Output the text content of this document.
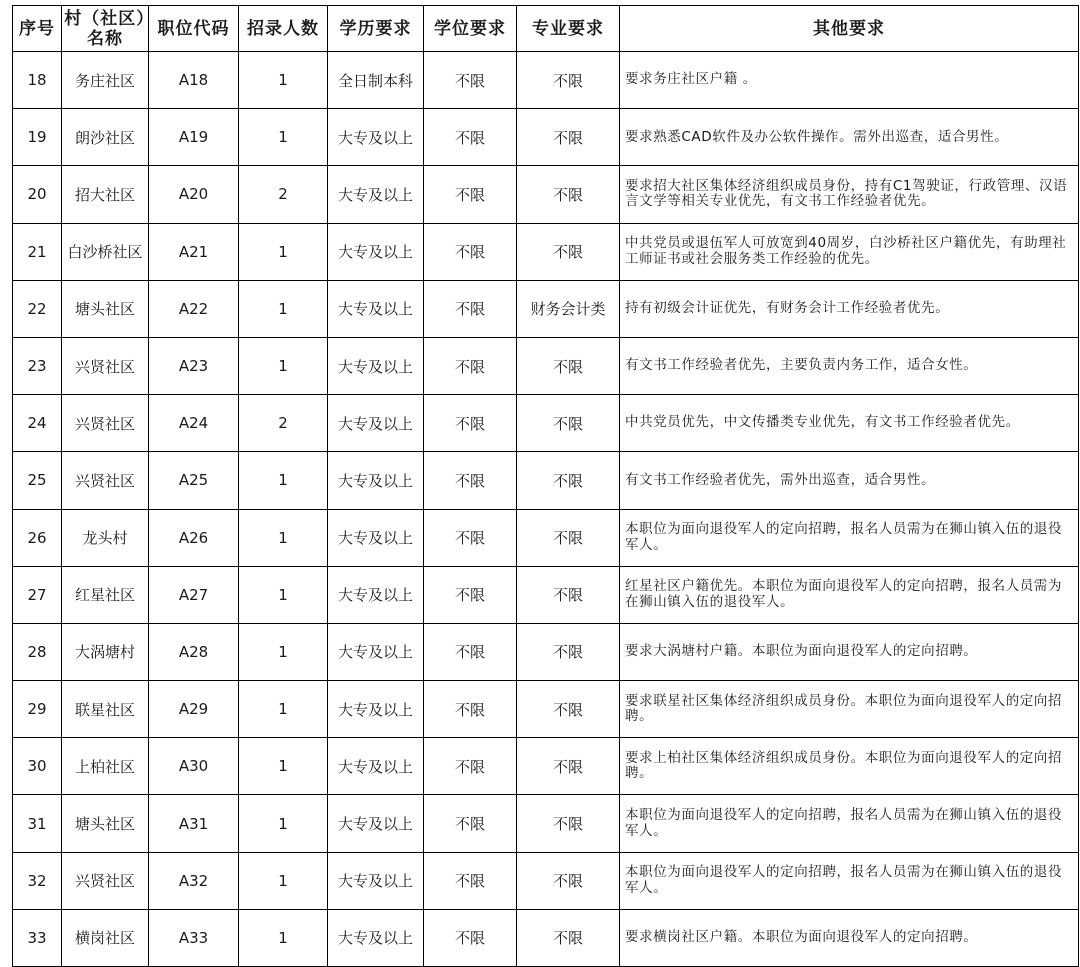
序号	村（社区）名称	职位代码	招录人数	学历要求	学位要求	专业要求	其他要求
18	务庄社区	A18	1	全日制本科	不限	不限	要求务庄社区户籍 。
19	朗沙社区	A19	1	大专及以上	不限	不限	要求熟悉CAD软件及办公软件操作。需外出巡查，适合男性。
20	招大社区	A20	2	大专及以上	不限	不限	要求招大社区集体经济组织成员身份，持有C1驾驶证，行政管理、汉语言文学等相关专业优先，有文书工作经验者优先。
21	白沙桥社区	A21	1	大专及以上	不限	不限	中共党员或退伍军人可放宽到40周岁，白沙桥社区户籍优先，有助理社工师证书或社会服务类工作经验的优先。
22	塘头社区	A22	1	大专及以上	不限	财务会计类	持有初级会计证优先，有财务会计工作经验者优先。
23	兴贤社区	A23	1	大专及以上	不限	不限	有文书工作经验者优先，主要负责内务工作，适合女性。
24	兴贤社区	A24	2	大专及以上	不限	不限	中共党员优先，中文传播类专业优先，有文书工作经验者优先。
25	兴贤社区	A25	1	大专及以上	不限	不限	有文书工作经验者优先，需外出巡查，适合男性。
26	龙头村	A26	1	大专及以上	不限	不限	本职位为面向退役军人的定向招聘，报名人员需为在狮山镇入伍的退役军人。
27	红星社区	A27	1	大专及以上	不限	不限	红星社区户籍优先。本职位为面向退役军人的定向招聘，报名人员需为在狮山镇入伍的退役军人。
28	大涡塘村	A28	1	大专及以上	不限	不限	要求大涡塘村户籍。本职位为面向退役军人的定向招聘。
29	联星社区	A29	1	大专及以上	不限	不限	要求联星社区集体经济组织成员身份。本职位为面向退役军人的定向招聘。
30	上柏社区	A30	1	大专及以上	不限	不限	要求上柏社区集体经济组织成员身份。本职位为面向退役军人的定向招聘。
31	塘头社区	A31	1	大专及以上	不限	不限	本职位为面向退役军人的定向招聘，报名人员需为在狮山镇入伍的退役军人。
32	兴贤社区	A32	1	大专及以上	不限	不限	本职位为面向退役军人的定向招聘，报名人员需为在狮山镇入伍的退役军人。
33	横岗社区	A33	1	大专及以上	不限	不限	要求横岗社区户籍。本职位为面向退役军人的定向招聘。
